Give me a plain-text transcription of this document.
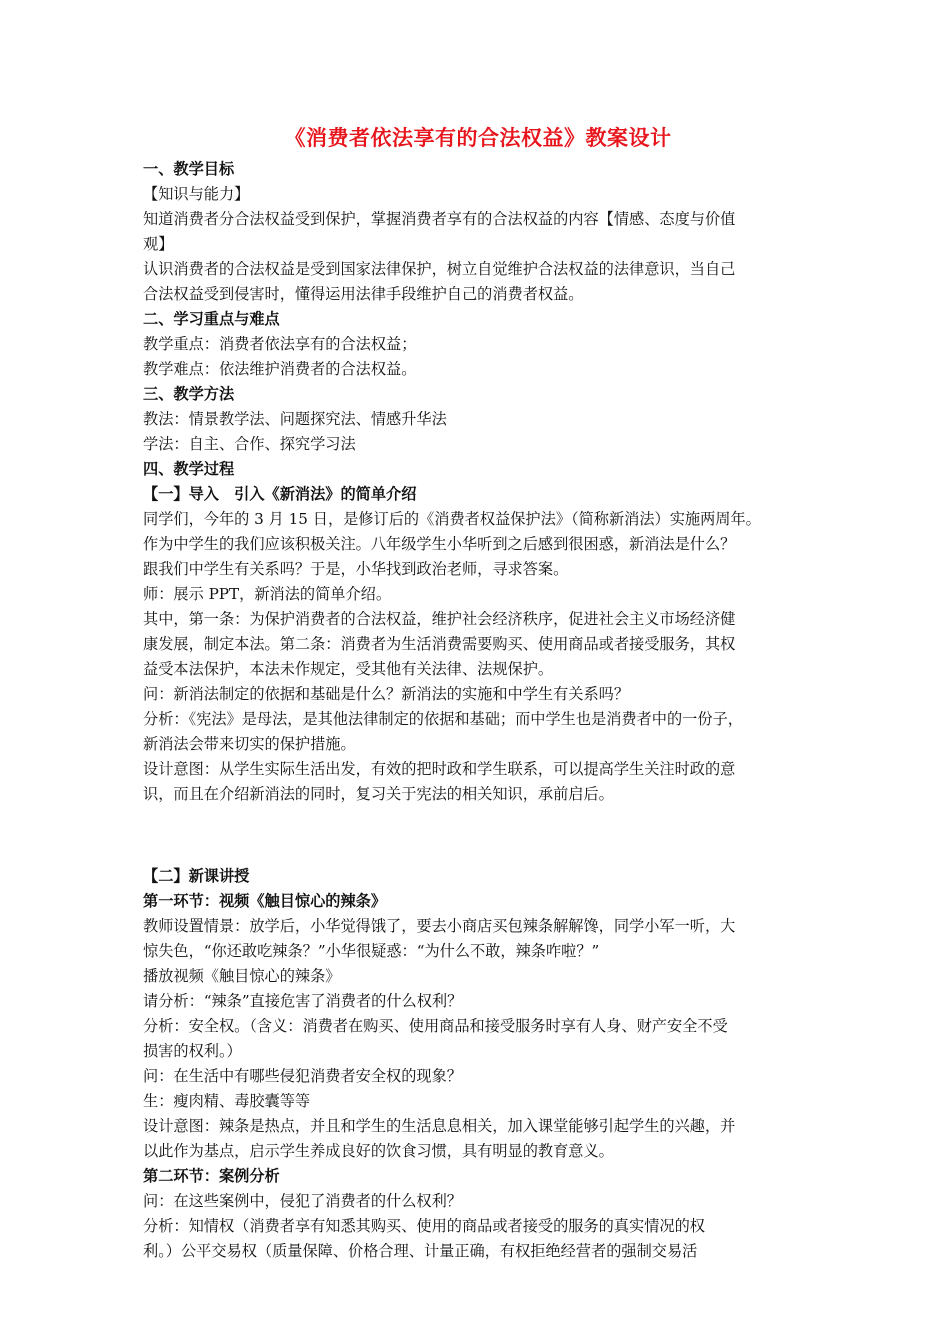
《消费者依法享有的合法权益》教案设计

一、教学目标

【知识与能力】

知道消费者分合法权益受到保护，掌握消费者享有的合法权益的内容【情感、态度与价值

观】

认识消费者的合法权益是受到国家法律保护，树立自觉维护合法权益的法律意识，当自己

合法权益受到侵害时，懂得运用法律手段维护自己的消费者权益。

二、学习重点与难点

教学重点：消费者依法享有的合法权益；

教学难点：依法维护消费者的合法权益。

三、教学方法

教法：情景教学法、问题探究法、情感升华法

学法：自主、合作、探究学习法

四、教学过程

【一】导入　引入《新消法》的简单介绍

同学们，今年的 3 月 15 日，是修订后的《消费者权益保护法》（简称新消法）实施两周年。

作为中学生的我们应该积极关注。八年级学生小华听到之后感到很困惑，新消法是什么？

跟我们中学生有关系吗？于是，小华找到政治老师，寻求答案。

师：展示 PPT，新消法的简单介绍。

其中，第一条：为保护消费者的合法权益，维护社会经济秩序，促进社会主义市场经济健

康发展，制定本法。第二条：消费者为生活消费需要购买、使用商品或者接受服务，其权

益受本法保护，本法未作规定，受其他有关法律、法规保护。

问：新消法制定的依据和基础是什么？新消法的实施和中学生有关系吗？

分析：《宪法》是母法，是其他法律制定的依据和基础；而中学生也是消费者中的一份子，

新消法会带来切实的保护措施。

设计意图：从学生实际生活出发，有效的把时政和学生联系，可以提高学生关注时政的意

识，而且在介绍新消法的同时，复习关于宪法的相关知识，承前启后。

【二】新课讲授

第一环节：视频《触目惊心的辣条》

教师设置情景：放学后，小华觉得饿了，要去小商店买包辣条解解馋，同学小军一听，大

惊失色，“你还敢吃辣条？”小华很疑惑：“为什么不敢，辣条咋啦？”

播放视频《触目惊心的辣条》

请分析：“辣条”直接危害了消费者的什么权利？

分析：安全权。（含义：消费者在购买、使用商品和接受服务时享有人身、财产安全不受

损害的权利。）

问：在生活中有哪些侵犯消费者安全权的现象？

生：瘦肉精、毒胶囊等等

设计意图：辣条是热点，并且和学生的生活息息相关，加入课堂能够引起学生的兴趣，并

以此作为基点，启示学生养成良好的饮食习惯，具有明显的教育意义。

第二环节：案例分析

问：在这些案例中，侵犯了消费者的什么权利？

分析：知情权（消费者享有知悉其购买、使用的商品或者接受的服务的真实情况的权

利。）公平交易权（质量保障、价格合理、计量正确，有权拒绝经营者的强制交易活
